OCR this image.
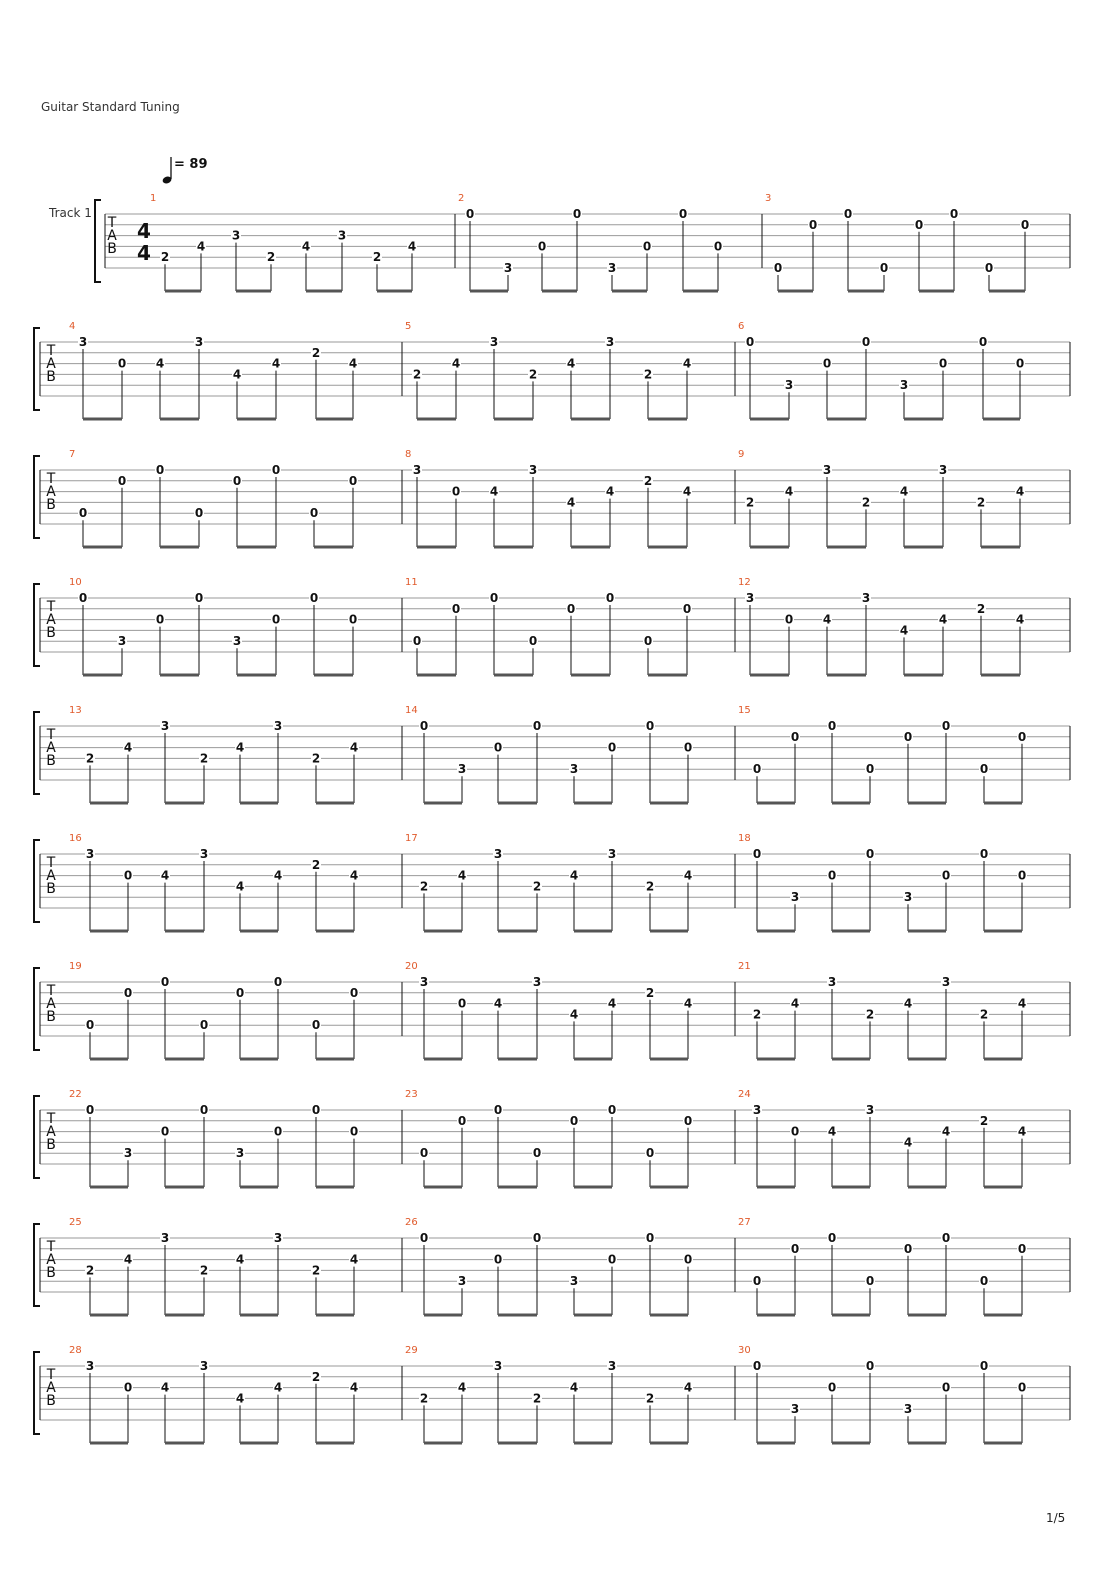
Guitar Standard Tuning
= 89
Track 1
T
A
B
4
4
1
2
4
3
2
4
3
2
4
2
0
3
0
0
3
0
0
0
3
0
0
0
0
0
0
0
0
T
A
B
4
3
0 4
3
4
4
2
4
5
2
4
3
2
4
3
2
4
6
0
3
0
0
3
0
0
0
T
A
B
7
0
0
0
0
0
0
0
0
8
3
0 4
3
4
4
2
4
9
2
4
3
2
4
3
2
4
T
A
B
10
0
3
0
0
3
0
0
0
11
0
0
0
0
0
0
0
0
12
3
0 4
3
4
4
2
4
T
A
B
13
2
4
3
2
4
3
2
4
14
0
3
0
0
3
0
0
0
15
0
0
0
0
0
0
0
0
T
A
B
16
3
0 4
3
4
4
2
4
17
2
4
3
2
4
3
2
4
18
0
3
0
0
3
0
0
0
T
A
B
19
0
0
0
0
0
0
0
0
20
3
0 4
3
4
4
2
4
21
2
4
3
2
4
3
2
4
T
A
B
22
0
3
0
0
3
0
0
0
23
0
0
0
0
0
0
0
0
24
3
0 4
3
4
4
2
4
T
A
B
25
2
4
3
2
4
3
2
4
26
0
3
0
0
3
0
0
0
27
0
0
0
0
0
0
0
0
T
A
B
28
3
0 4
3
4
4
2
4
29
2
4
3
2
4
3
2
4
30
0
3
0
0
3
0
0
0
1/5
